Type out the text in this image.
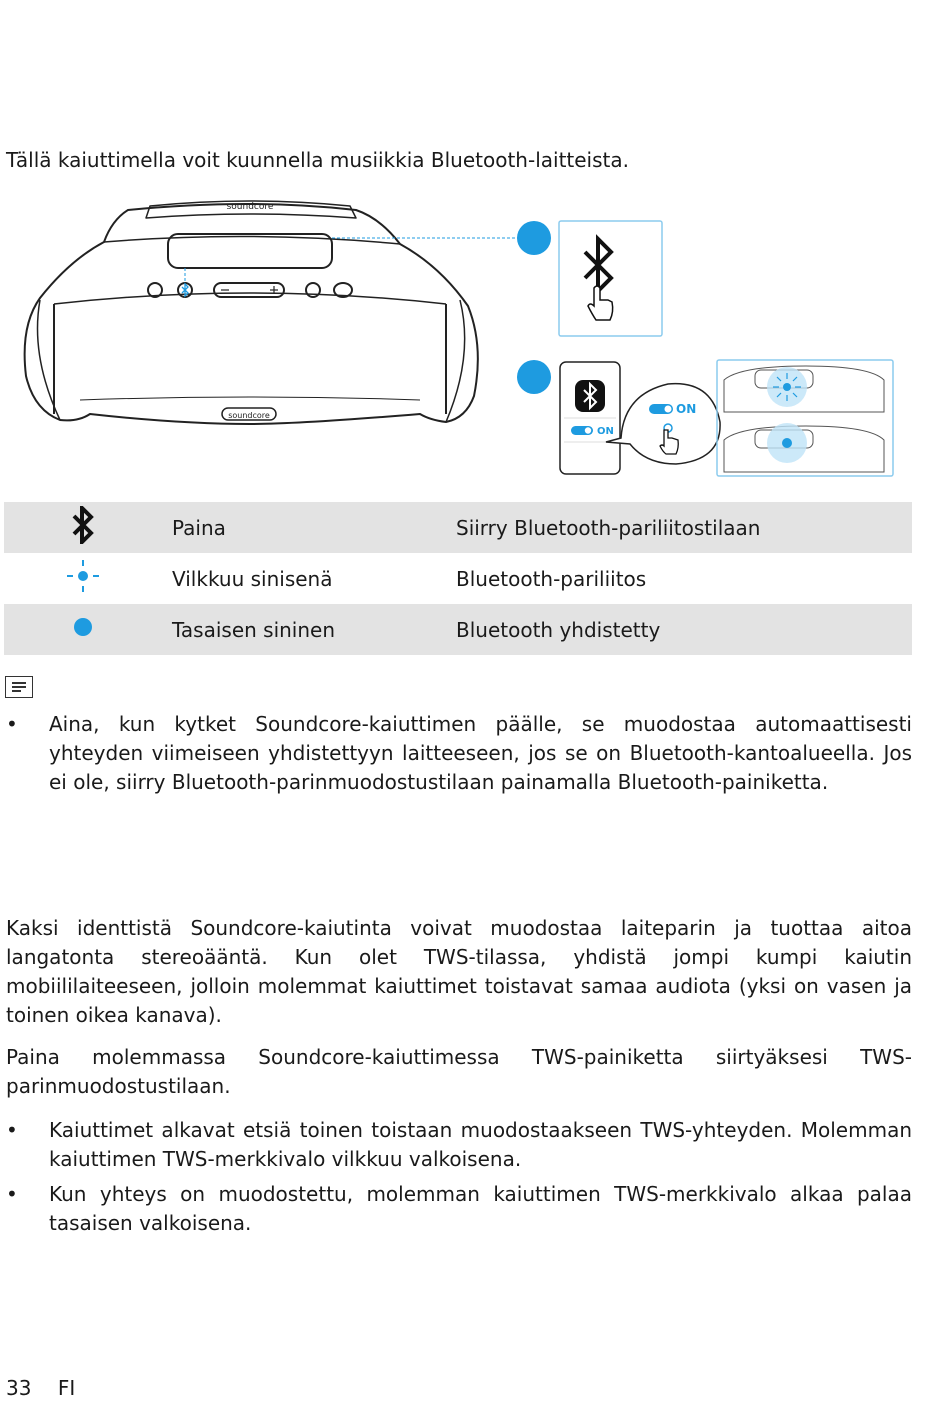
Tällä kaiuttimella voit kuunnella musiikkia Bluetooth-laitteista.

soundcore
soundcore
ON
ON
	Paina	Siirry Bluetooth-pariliitostilaan
	Vilkkuu sinisenä	Bluetooth-pariliitos
	Tasaisen sininen	Bluetooth yhdistetty
• Aina, kun kytket Soundcore-kaiuttimen päälle, se muodostaa automaattisesti yhteyden viimeiseen yhdistettyyn laitteeseen, jos se on Bluetooth-kantoalueella. Jos ei ole, siirry Bluetooth-parinmuodostustilaan painamalla Bluetooth-painiketta.
Kaksi identtistä Soundcore-kaiutinta voivat muodostaa laiteparin ja tuottaa aitoa langatonta stereoääntä. Kun olet TWS-tilassa, yhdistä jompi kumpi kaiutin mobiililaiteeseen, jolloin molemmat kaiuttimet toistavat samaa audiota (yksi on vasen ja toinen oikea kanava).
Paina molemmassa Soundcore-kaiuttimessa TWS-painiketta siirtyäksesi TWS-parinmuodostustilaan.
• Kaiuttimet alkavat etsiä toinen toistaan muodostaakseen TWS-yhteyden. Molemman kaiuttimen TWS-merkkivalo vilkkuu valkoisena.
• Kun yhteys on muodostettu, molemman kaiuttimen TWS-merkkivalo alkaa palaa tasaisen valkoisena.
33 FI
